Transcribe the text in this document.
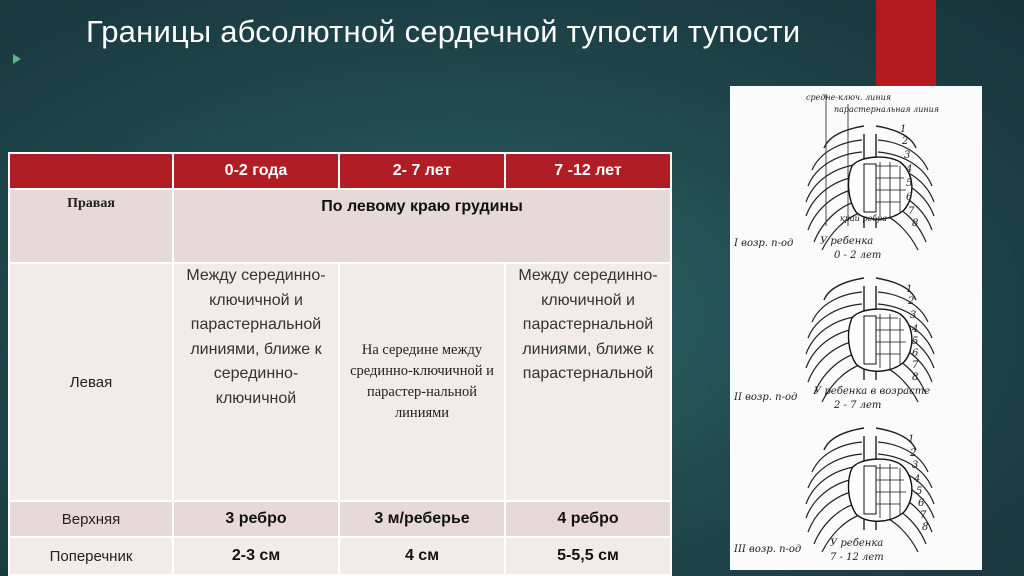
Границы абсолютной сердечной тупости тупости
	0-2 года	2- 7 лет	7 -12 лет
Правая	По левому краю грудины		
Левая	Между серединно-ключичной и парастернальной линиями, ближе к серединно-ключичной	На середине между срединно-ключичной и парастер-нальной линиями	Между серединно-ключичной и парастернальной линиями, ближе к парастернальной
Верхняя	3 ребро	3 м/реберье	4 ребро
Поперечник	2-3 см	4 см	5-5,5 см
средне-ключ. линия
парастернальная линия
1
2
3
4
5
6
7
8
1
2
3
4
5
6
7
8
1
2
3
4
5
6
7
8
край ребра
I возр. п-од	У ребенка
0 - 2 лет
II возр. п-од
У ребенка в возрасте
2 - 7 лет
III возр. п-од
У ребенка
7 - 12 лет
